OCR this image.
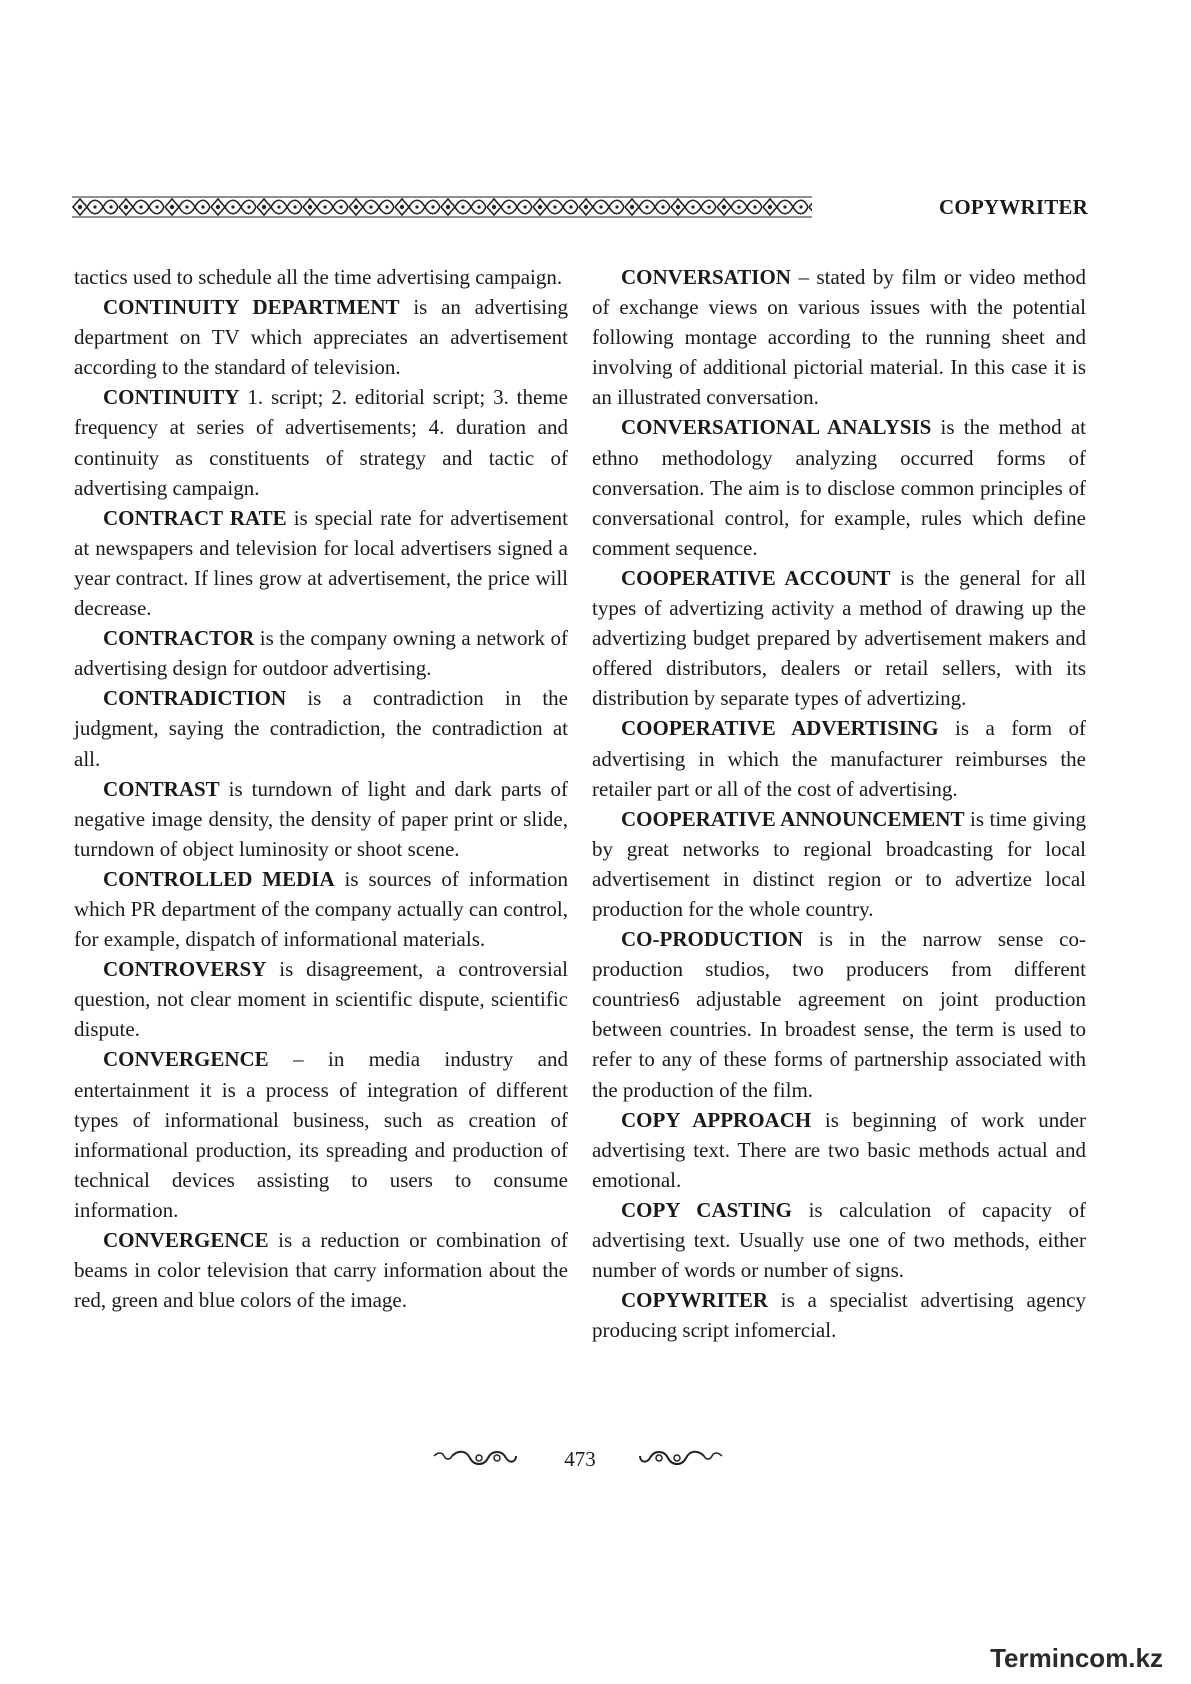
COPYWRITER

tactics used to schedule all the time advertising campaign.

CONTINUITY DEPARTMENT is an advertising department on TV which appreciates an advertisement according to the standard of television.

CONTINUITY 1. script; 2. editorial script; 3. theme frequency at series of advertisements; 4. duration and continuity as constituents of strategy and tactic of advertising campaign.

CONTRACT RATE is special rate for advertisement at newspapers and television for local advertisers signed a year contract. If lines grow at advertisement, the price will decrease.

CONTRACTOR is the company owning a network of advertising design for outdoor advertising.

CONTRADICTION is a contradiction in the judgment, saying the contradiction, the contradiction at all.

CONTRAST is turndown of light and dark parts of negative image density, the density of paper print or slide, turndown of object luminosity or shoot scene.

CONTROLLED MEDIA is sources of information which PR department of the company actually can control, for example, dispatch of informational materials.

CONTROVERSY is disagreement, a controversial question, not clear moment in scientific dispute, scientific dispute.

CONVERGENCE – in media industry and entertainment it is a process of integration of different types of informational business, such as creation of informational production, its spreading and production of technical devices assisting to users to consume information.

CONVERGENCE is a reduction or combination of beams in color television that carry information about the red, green and blue colors of the image.

CONVERSATION – stated by film or video method of exchange views on various issues with the potential following montage according to the running sheet and involving of additional pictorial material. In this case it is an illustrated conversation.

CONVERSATIONAL ANALYSIS is the method at ethno methodology analyzing occurred forms of conversation. The aim is to disclose common principles of conversational control, for example, rules which define comment sequence.

COOPERATIVE ACCOUNT is the general for all types of advertizing activity a method of drawing up the advertizing budget prepared by advertisement makers and offered distributors, dealers or retail sellers, with its distribution by separate types of advertizing.

COOPERATIVE ADVERTISING is a form of advertising in which the manufacturer reimburses the retailer part or all of the cost of advertising.

COOPERATIVE ANNOUNCEMENT is time giving by great networks to regional broadcasting for local advertisement in distinct region or to advertize local production for the whole country.

CO-PRODUCTION is in the narrow sense co-production studios, two producers from different countries6 adjustable agreement on joint production between countries. In broadest sense, the term is used to refer to any of these forms of partnership associated with the production of the film.

COPY APPROACH is beginning of work under advertising text. There are two basic methods actual and emotional.

COPY CASTING is calculation of capacity of advertising text. Usually use one of two methods, either number of words or number of signs.

COPYWRITER is a specialist advertising agency producing script infomercial.

473
Termincom.kz
